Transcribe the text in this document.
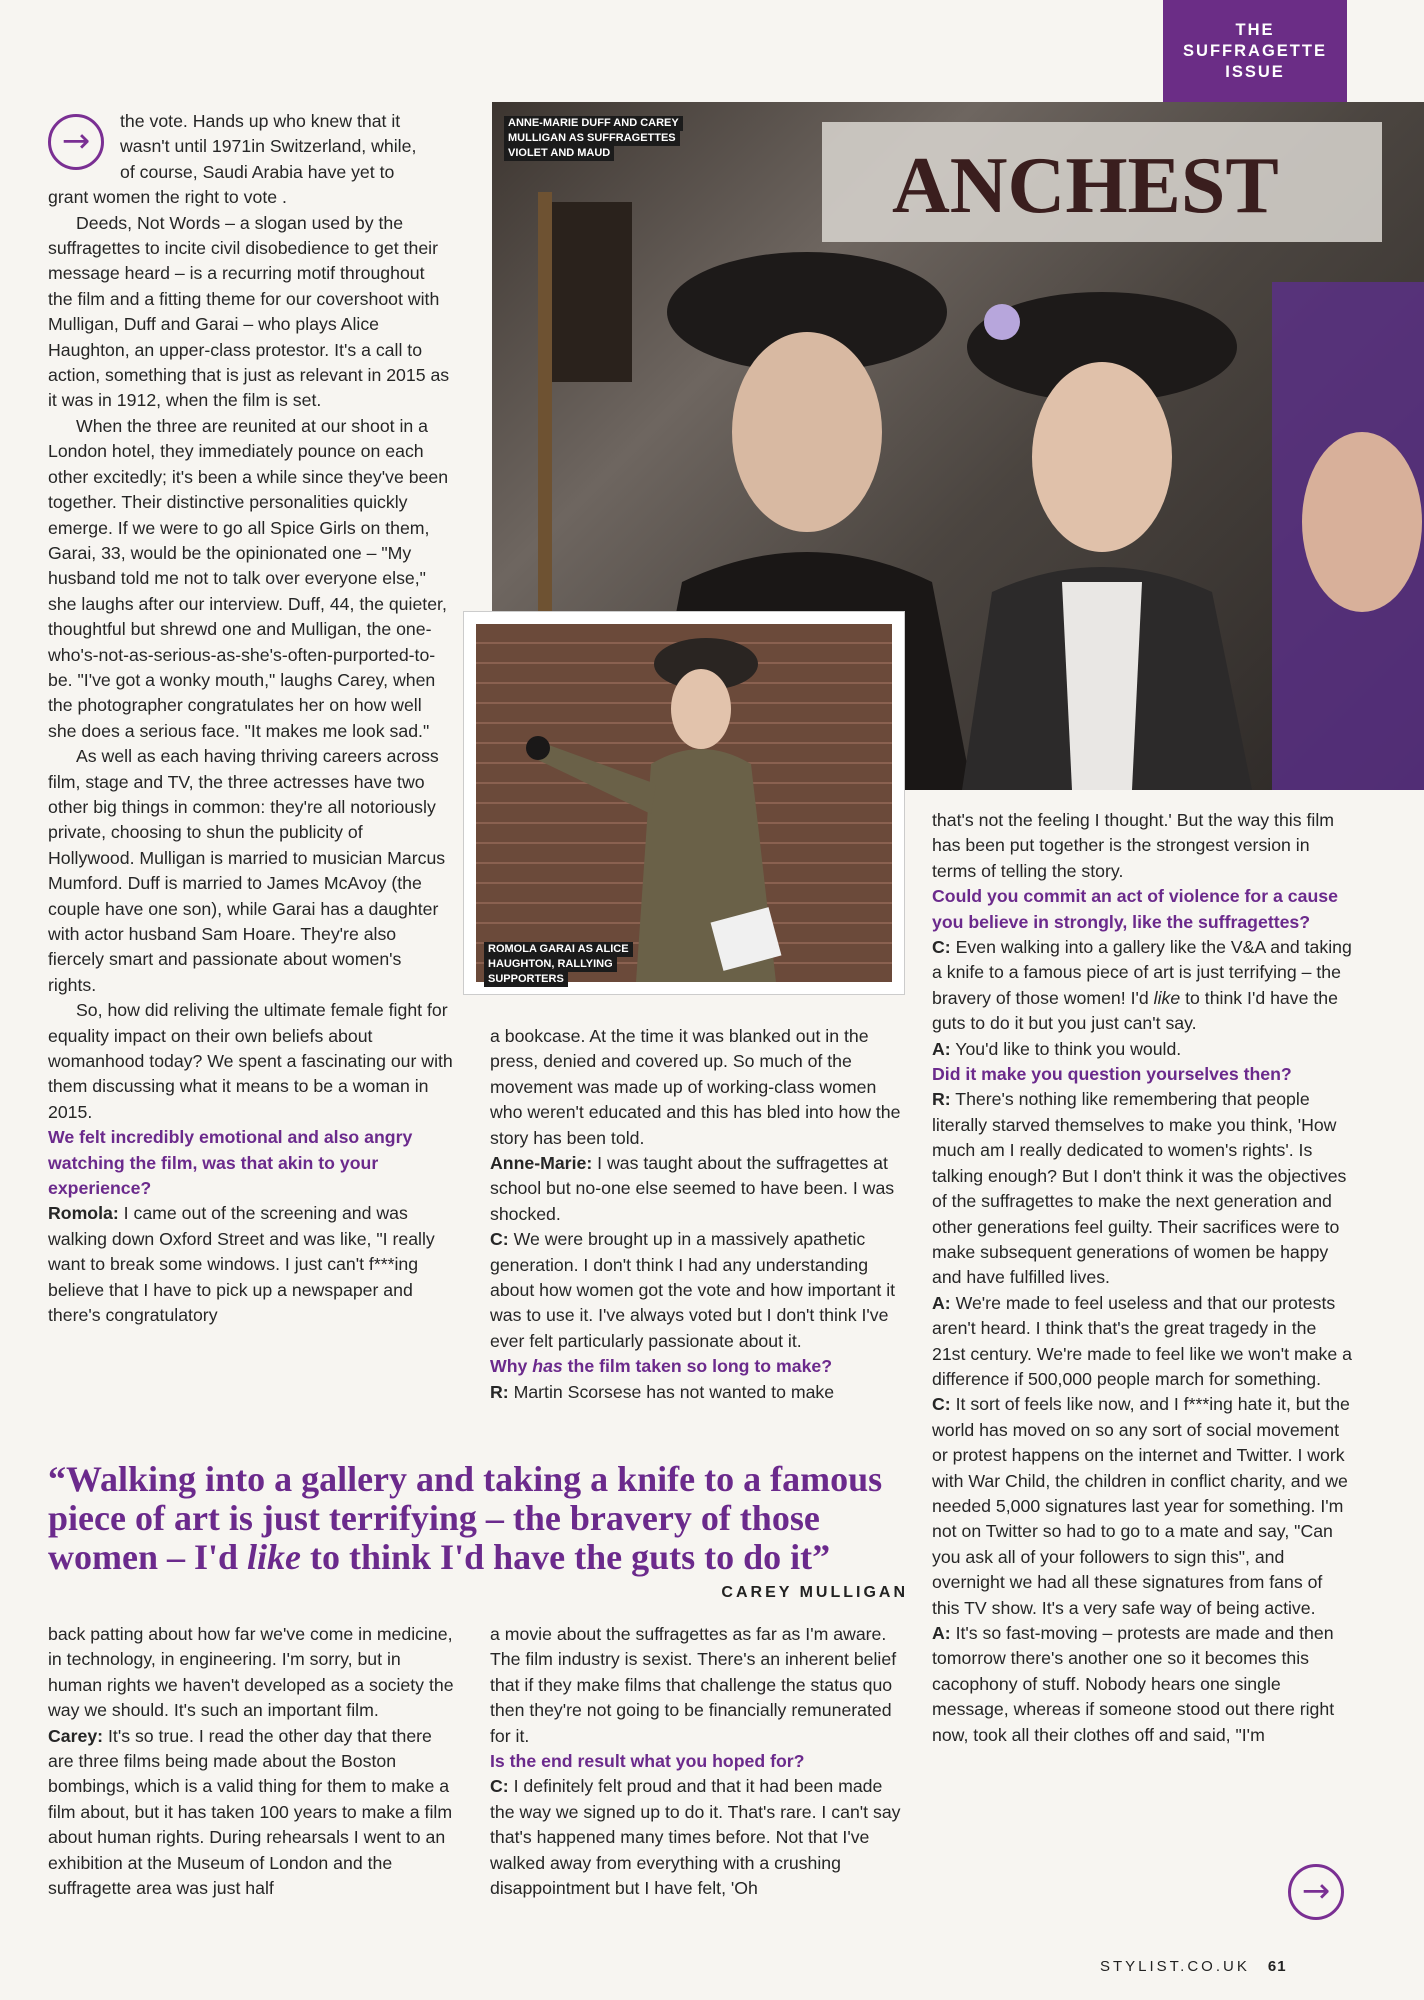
THE
SUFFRAGETTE
ISSUE
ANCHEST
ANNE-MARIE DUFF AND CAREY
MULLIGAN AS SUFFRAGETTES
VIOLET AND MAUD
ROMOLA GARAI AS ALICE
HAUGHTON, RALLYING
SUPPORTERS
→
→

the vote. Hands up who knew that it

wasn't until 1971in Switzerland, while,

of course, Saudi Arabia have yet to

grant women the right to vote .

Deeds, Not Words – a slogan used by the suffragettes to incite civil disobedience to get their message heard – is a recurring motif throughout the film and a fitting theme for our covershoot with Mulligan, Duff and Garai – who plays Alice Haughton, an upper-class protestor. It's a call to action, something that is just as relevant in 2015 as it was in 1912, when the film is set.

When the three are reunited at our shoot in a London hotel, they immediately pounce on each other excitedly; it's been a while since they've been together. Their distinctive personalities quickly emerge. If we were to go all Spice Girls on them, Garai, 33, would be the opinionated one – "My husband told me not to talk over everyone else," she laughs after our interview. Duff, 44, the quieter, thoughtful but shrewd one and Mulligan, the one-who's-not-as-serious-as-she's-often-purported-to-be. "I've got a wonky mouth," laughs Carey, when the photographer congratulates her on how well she does a serious face. "It makes me look sad."

As well as each having thriving careers across film, stage and TV, the three actresses have two other big things in common: they're all notoriously private, choosing to shun the publicity of Hollywood. Mulligan is married to musician Marcus Mumford. Duff is married to James McAvoy (the couple have one son), while Garai has a daughter with actor husband Sam Hoare. They're also fiercely smart and passionate about women's rights.

So, how did reliving the ultimate female fight for equality impact on their own beliefs about womanhood today? We spent a fascinating our with them discussing what it means to be a woman in 2015.

We felt incredibly emotional and also angry watching the film, was that akin to your experience?

Romola: I came out of the screening and was walking down Oxford Street and was like, "I really want to break some windows. I just can't f***ing believe that I have to pick up a newspaper and there's congratulatory

a bookcase. At the time it was blanked out in the press, denied and covered up. So much of the movement was made up of working-class women who weren't educated and this has bled into how the story has been told.

Anne-Marie: I was taught about the suffragettes at school but no-one else seemed to have been. I was shocked.

C: We were brought up in a massively apathetic generation. I don't think I had any understanding about how women got the vote and how important it was to use it. I've always voted but I don't think I've ever felt particularly passionate about it.

Why has the film taken so long to make?

R: Martin Scorsese has not wanted to make

that's not the feeling I thought.' But the way this film has been put together is the strongest version in terms of telling the story.

Could you commit an act of violence for a cause you believe in strongly, like the suffragettes?

C: Even walking into a gallery like the V&A and taking a knife to a famous piece of art is just terrifying – the bravery of those women! I'd like to think I'd have the guts to do it but you just can't say.

A: You'd like to think you would.

Did it make you question yourselves then?

R: There's nothing like remembering that people literally starved themselves to make you think, 'How much am I really dedicated to women's rights'. Is talking enough? But I don't think it was the objectives of the suffragettes to make the next generation and other generations feel guilty. Their sacrifices were to make subsequent generations of women be happy and have fulfilled lives.

A: We're made to feel useless and that our protests aren't heard. I think that's the great tragedy in the 21st century. We're made to feel like we won't make a difference if 500,000 people march for something.

C: It sort of feels like now, and I f***ing hate it, but the world has moved on so any sort of social movement or protest happens on the internet and Twitter. I work with War Child, the children in conflict charity, and we needed 5,000 signatures last year for something. I'm not on Twitter so had to go to a mate and say, "Can you ask all of your followers to sign this", and overnight we had all these signatures from fans of this TV show. It's a very safe way of being active.

A: It's so fast-moving – protests are made and then tomorrow there's another one so it becomes this cacophony of stuff. Nobody hears one single message, whereas if someone stood out there right now, took all their clothes off and said, "I'm

“Walking into a gallery and taking a knife to a famous piece of art is just terrifying – the bravery of those women – I'd like to think I'd have the guts to do it”
CAREY MULLIGAN

back patting about how far we've come in medicine, in technology, in engineering. I'm sorry, but in human rights we haven't developed as a society the way we should. It's such an important film.

Carey: It's so true. I read the other day that there are three films being made about the Boston bombings, which is a valid thing for them to make a film about, but it has taken 100 years to make a film about human rights. During rehearsals I went to an exhibition at the Museum of London and the suffragette area was just half

a movie about the suffragettes as far as I'm aware. The film industry is sexist. There's an inherent belief that if they make films that challenge the status quo then they're not going to be financially remunerated for it.

Is the end result what you hoped for?

C: I definitely felt proud and that it had been made the way we signed up to do it. That's rare. I can't say that's happened many times before. Not that I've walked away from everything with a crushing disappointment but I have felt, 'Oh

STYLIST.CO.UK 61
